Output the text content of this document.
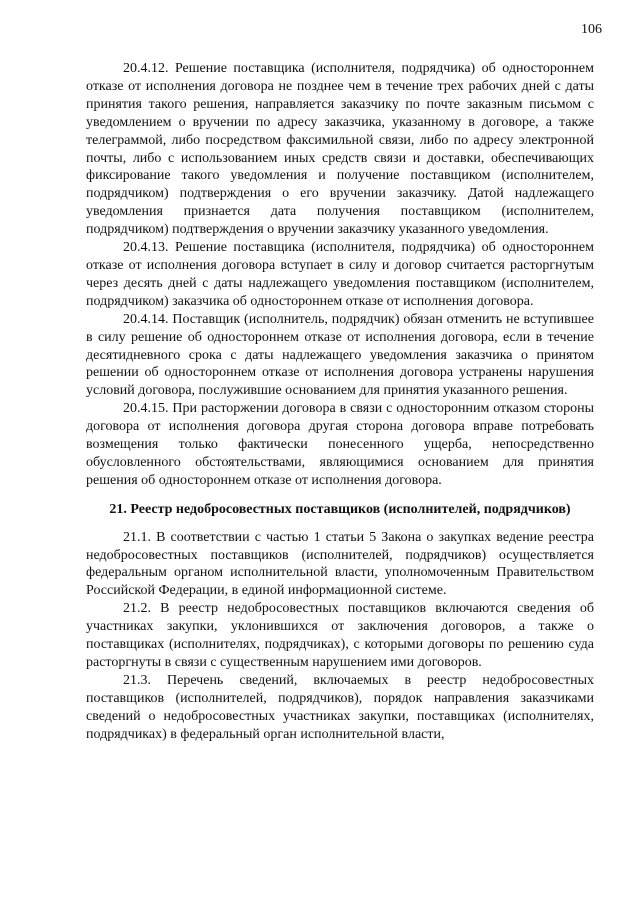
106

20.4.12. Решение поставщика (исполнителя, подрядчика) об одностороннем отказе от исполнения договора не позднее чем в течение трех рабочих дней с даты принятия такого решения, направляется заказчику по почте заказным письмом с уведомлением о вручении по адресу заказчика, указанному в договоре, а также телеграммой, либо посредством факсимильной связи, либо по адресу электронной почты, либо с использованием иных средств связи и доставки, обеспечивающих фиксирование такого уведомления и получение поставщиком (исполнителем, подрядчиком) подтверждения о его вручении заказчику. Датой надлежащего уведомления признается дата получения поставщиком (исполнителем, подрядчиком) подтверждения о вручении заказчику указанного уведомления.

20.4.13. Решение поставщика (исполнителя, подрядчика) об одностороннем отказе от исполнения договора вступает в силу и договор считается расторгнутым через десять дней с даты надлежащего уведомления поставщиком (исполнителем, подрядчиком) заказчика об одностороннем отказе от исполнения договора.

20.4.14. Поставщик (исполнитель, подрядчик) обязан отменить не вступившее в силу решение об одностороннем отказе от исполнения договора, если в течение десятидневного срока с даты надлежащего уведомления заказчика о принятом решении об одностороннем отказе от исполнения договора устранены нарушения условий договора, послужившие основанием для принятия указанного решения.

20.4.15. При расторжении договора в связи с односторонним отказом стороны договора от исполнения договора другая сторона договора вправе потребовать возмещения только фактически понесенного ущерба, непосредственно обусловленного обстоятельствами, являющимися основанием для принятия решения об одностороннем отказе от исполнения договора.

21. Реестр недобросовестных поставщиков (исполнителей, подрядчиков)

21.1. В соответствии с частью 1 статьи 5 Закона о закупках ведение реестра недобросовестных поставщиков (исполнителей, подрядчиков) осуществляется федеральным органом исполнительной власти, уполномоченным Правительством Российской Федерации, в единой информационной системе.

21.2. В реестр недобросовестных поставщиков включаются сведения об участниках закупки, уклонившихся от заключения договоров, а также о поставщиках (исполнителях, подрядчиках), с которыми договоры по решению суда расторгнуты в связи с существенным нарушением ими договоров.

21.3. Перечень сведений, включаемых в реестр недобросовестных поставщиков (исполнителей, подрядчиков), порядок направления заказчиками сведений о недобросовестных участниках закупки, поставщиках (исполнителях, подрядчиках) в федеральный орган исполнительной власти,
